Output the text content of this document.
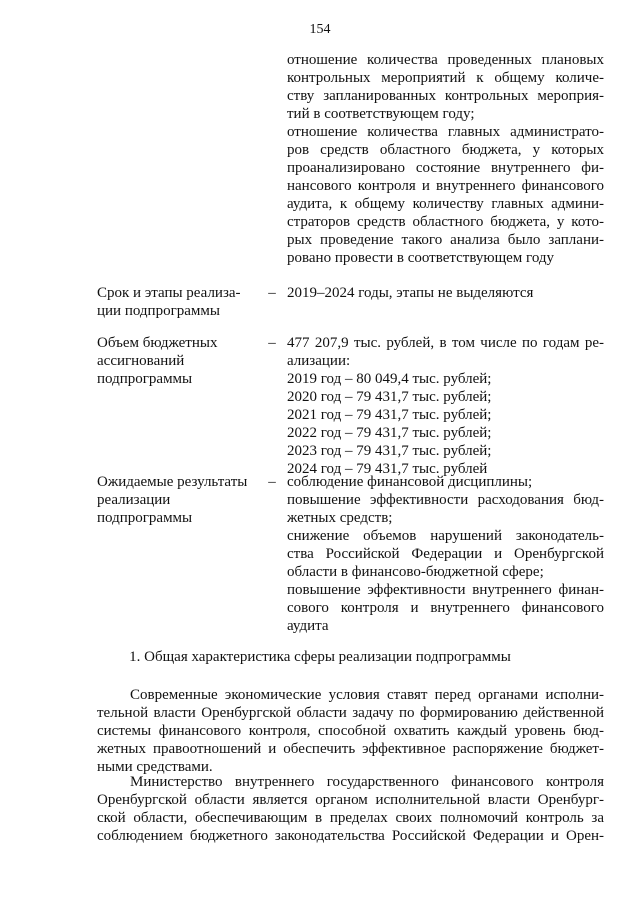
154
отношение количества проведенных плановых
контрольных мероприятий к общему количе-
ству запланированных контрольных мероприя-
тий в соответствующем году;
отношение количества главных администрато-
ров средств областного бюджета, у которых
проанализировано состояние внутреннего фи-
нансового контроля и внутреннего финансового
аудита, к общему количеству главных админи-
страторов средств областного бюджета, у кото-
рых проведение такого анализа было заплани-
ровано провести в соответствующем году
Срок и этапы реализа-
ции подпрограммы
– 2019–2024 годы, этапы не выделяются
Объем бюджетных
ассигнований
подпрограммы
– 477 207,9 тыс. рублей, в том числе по годам ре-
ализации:
2019 год – 80 049,4 тыс. рублей;
2020 год – 79 431,7 тыс. рублей;
2021 год – 79 431,7 тыс. рублей;
2022 год – 79 431,7 тыс. рублей;
2023 год – 79 431,7 тыс. рублей;
2024 год – 79 431,7 тыс. рублей
Ожидаемые результаты
реализации
подпрограммы
– соблюдение финансовой дисциплины;
повышение эффективности расходования бюд-
жетных средств;
снижение объемов нарушений законодатель-
ства Российской Федерации и Оренбургской
области в финансово-бюджетной сфере;
повышение эффективности внутреннего финан-
сового контроля и внутреннего финансового
аудита
1. Общая характеристика сферы реализации подпрограммы
Современные экономические условия ставят перед органами исполни-
тельной власти Оренбургской области задачу по формированию действенной
системы финансового контроля, способной охватить каждый уровень бюд-
жетных правоотношений и обеспечить эффективное распоряжение бюджет-
ными средствами.
Министерство внутреннего государственного финансового контроля
Оренбургской области является органом исполнительной власти Оренбург-
ской области, обеспечивающим в пределах своих полномочий контроль за
соблюдением бюджетного законодательства Российской Федерации и Орен-
